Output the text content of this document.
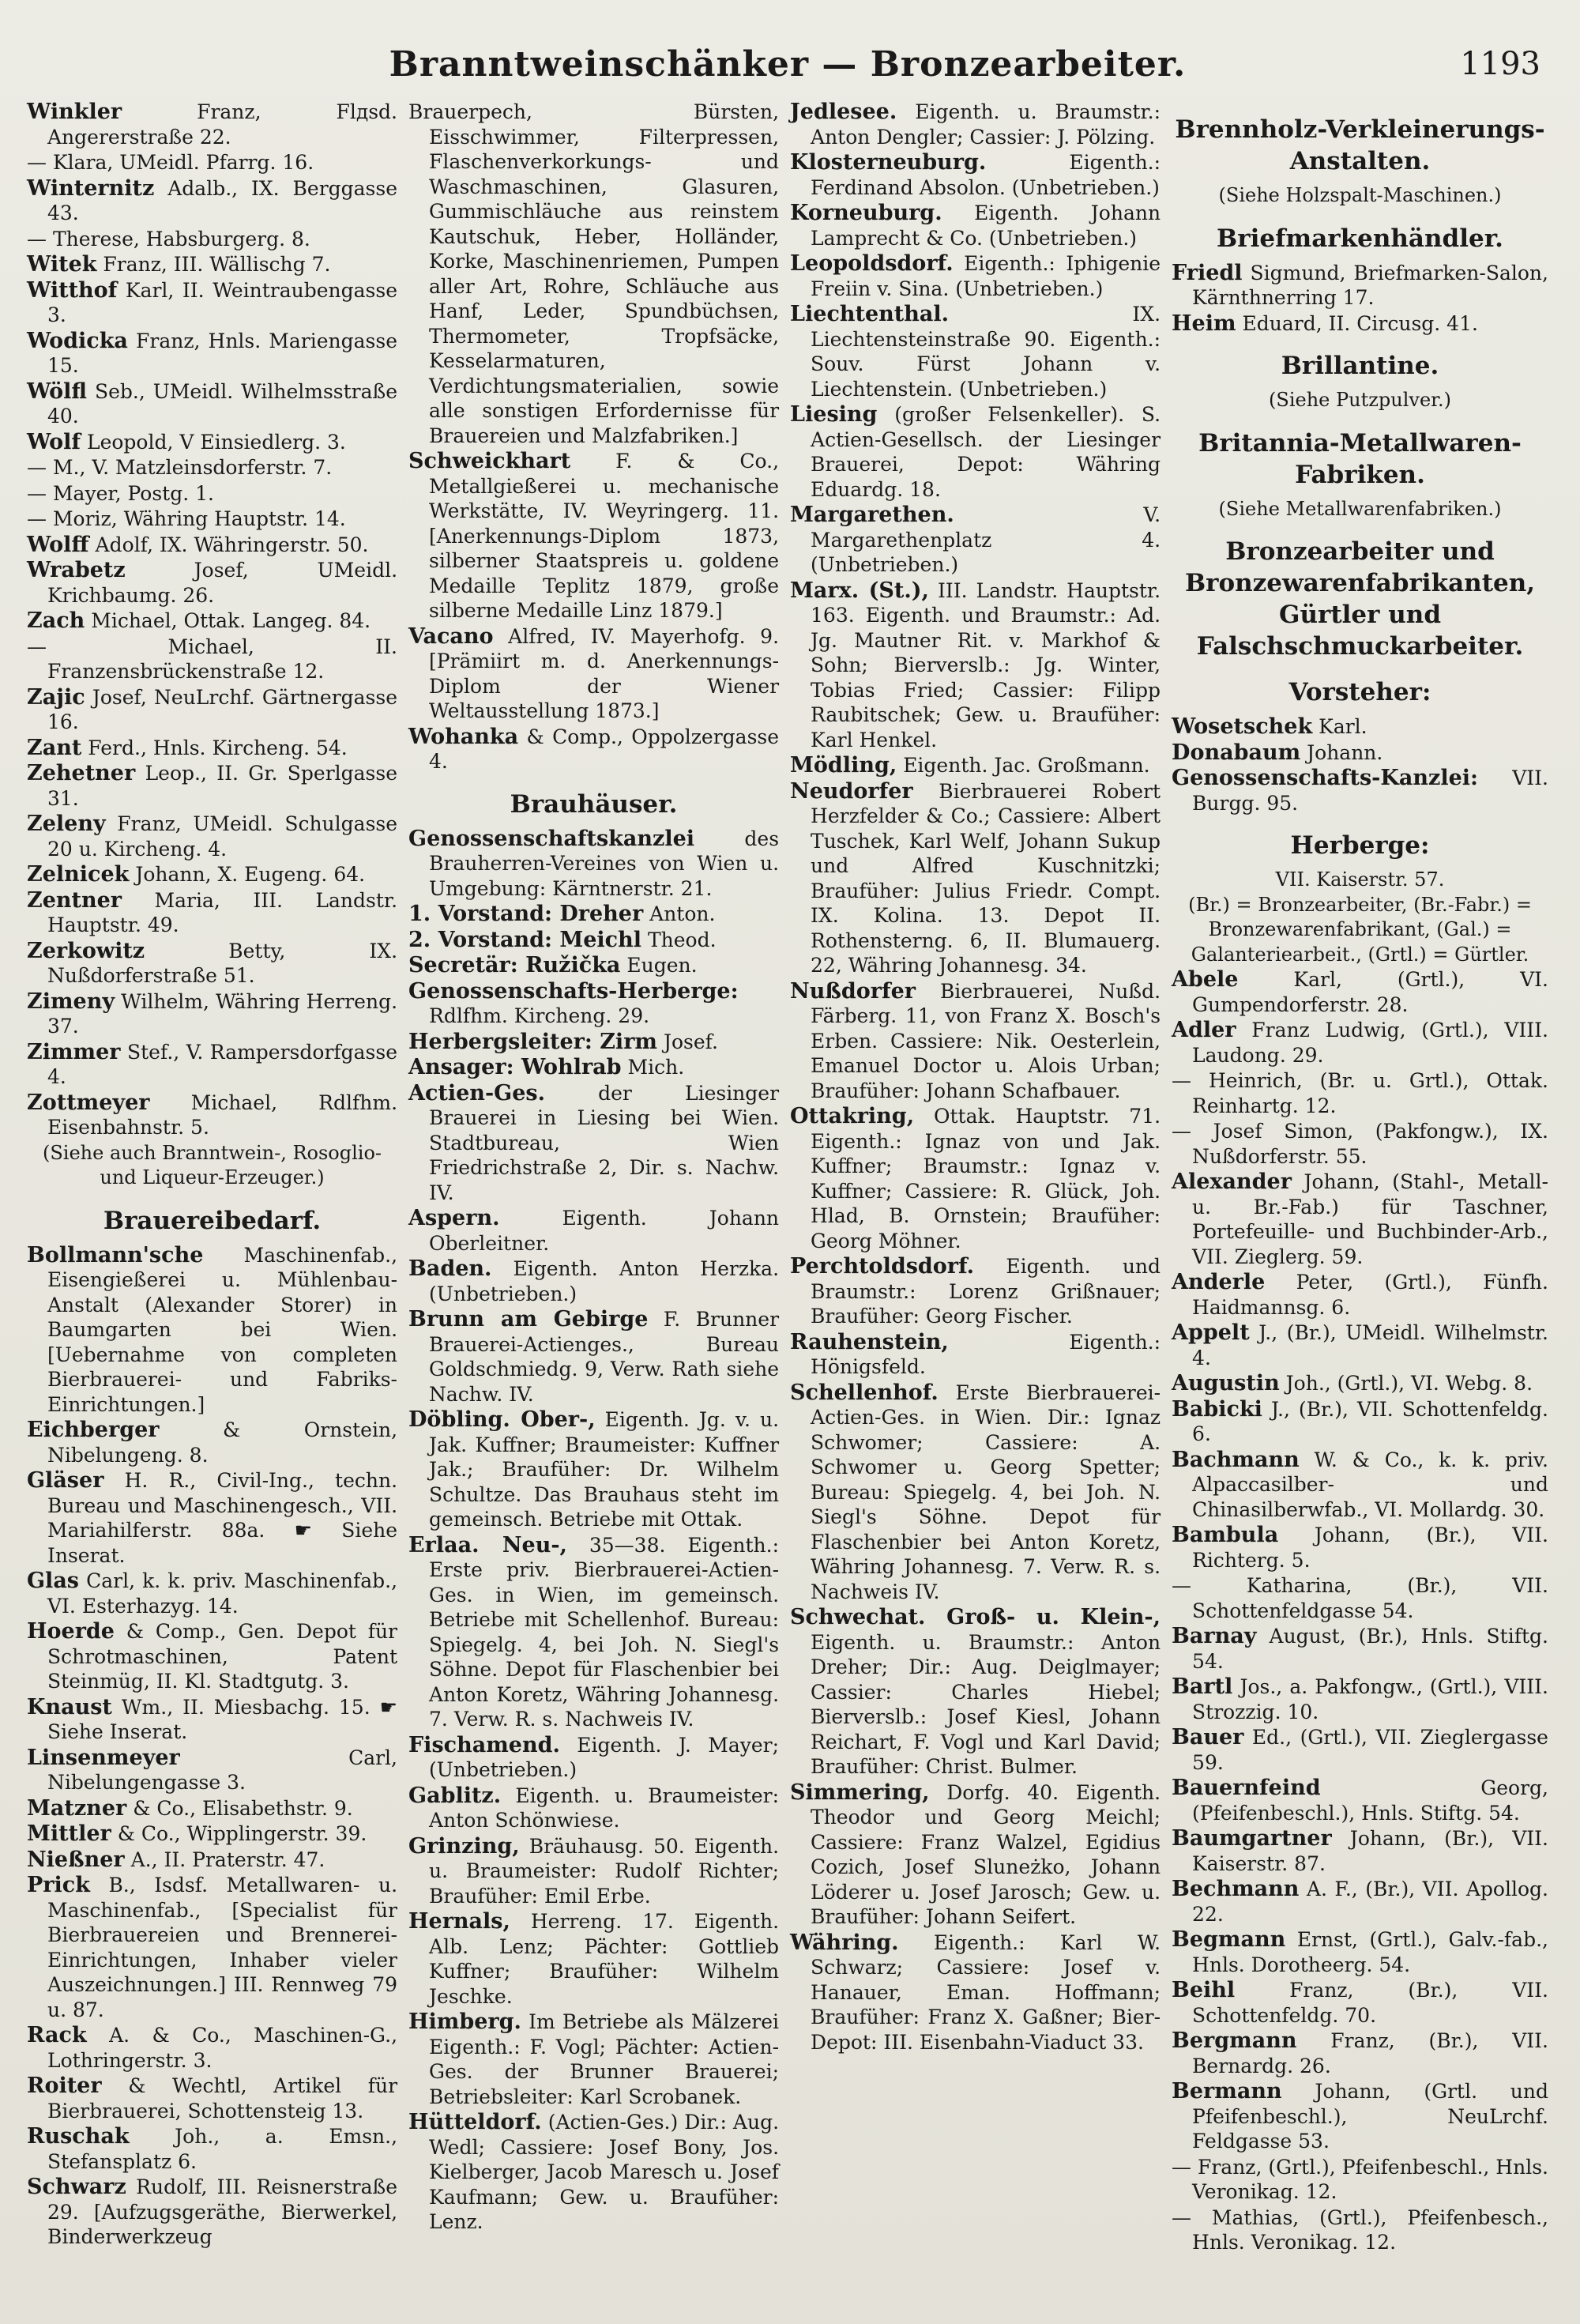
Branntweinschänker — Bronzearbeiter.	1193
Winkler	Franz, Flдsd. Angererstraße 22.
— Klara, UMeidl. Pfarrg. 16.
Winternitz Adalb., IX. Berggasse 43.
— Therese, Habsburgerg. 8.
Witek Franz, III. Wällischg 7.
Witthof Karl, II. Weintraubengasse 3.
Wodicka Franz, Hnls. Mariengasse 15.
Wölfl Seb., UMeidl. Wilhelmsstraße 40.
Wolf Leopold, V Einsiedlerg. 3.
— M., V. Matzleinsdorferstr. 7.
— Mayer, Postg. 1.
— Moriz, Währing Hauptstr. 14.
Wolff Adolf, IX. Währingerstr. 50.
Wrabetz	Josef, UMeidl. Krichbaumg. 26.
Zach Michael, Ottak. Langeg. 84.
— Michael, II. Franzensbrückenstraße 12.
Zajic Josef, NeuLrchf. Gärtnergasse 16.
Zant Ferd., Hnls. Kircheng. 54.
Zehetner Leop., II. Gr. Sperlgasse 31.
Zeleny Franz, UMeidl. Schulgasse 20 u. Kircheng. 4.
Zelnicek Johann, X. Eugeng. 64.
Zentner Maria, III. Landstr. Hauptstr. 49.
Zerkowitz	Betty, IX. Nußdorferstraße 51.
Zimeny Wilhelm, Währing Herreng. 37.
Zimmer Stef., V. Rampersdorfgasse 4.
Zottmeyer Michael, Rdlfhm. Eisenbahnstr. 5.
(Siehe auch Branntwein-, Rosoglio- und Liqueur-Erzeuger.)
Brauereibedarf.
Bollmann'sche Maschinenfab., Eisengießerei u. Mühlenbau-Anstalt (Alexander Storer) in Baumgarten bei Wien. [Uebernahme von completen Bierbrauerei- und Fabriks-Einrichtungen.]
Eichberger	& Ornstein, Nibelungeng. 8.
Gläser H. R., Civil-Ing., techn. Bureau und Maschinengesch., VII. Mariahilferstr. 88a. ☛ Siehe Inserat.
Glas Carl, k. k. priv. Maschinenfab., VI. Esterhazyg. 14.
Hoerde & Comp., Gen. Depot für Schrotmaschinen, Patent Steinmüg, II. Kl. Stadtgutg. 3.
Knaust Wm., II. Miesbachg. 15. ☛ Siehe Inserat.
Linsenmeyer	Carl, Nibelungengasse 3.
Matzner & Co., Elisabethstr. 9.
Mittler & Co., Wipplingerstr. 39.
Nießner A., II. Praterstr. 47.
Prick B., Isdsf. Metallwaren- u. Maschinenfab., [Specialist für Bierbrauereien und Brennerei-Einrichtungen, Inhaber vieler Auszeichnungen.] III. Rennweg 79 u. 87.
Rack A. & Co., Maschinen-G., Lothringerstr. 3.
Roiter & Wechtl, Artikel für Bierbrauerei, Schottensteig 13.
Ruschak Joh., a. Emsn., Stefansplatz 6.
Schwarz Rudolf, III. Reisnerstraße 29. [Aufzugsgeräthe, Bierwerkel, Binderwerkzeug
Brauerpech, Bürsten, Eisschwimmer, Filterpressen, Flaschenverkorkungs- und Waschmaschinen, Glasuren, Gummischläuche aus reinstem Kautschuk, Heber, Holländer, Korke, Maschinenriemen, Pumpen aller Art, Rohre, Schläuche aus Hanf, Leder, Spundbüchsen, Thermometer, Tropfsäcke, Kesselarmaturen, Verdichtungsmaterialien, sowie alle sonstigen Erfordernisse für Brauereien und Malzfabriken.]
Schweickhart F. & Co., Metallgießerei u. mechanische Werkstätte, IV. Weyringerg. 11. [Anerkennungs-Diplom 1873, silberner Staatspreis u. goldene Medaille Teplitz 1879, große silberne Medaille Linz 1879.]
Vacano Alfred, IV. Mayerhofg. 9. [Prämiirt m. d. Anerkennungs-Diplom der Wiener Weltausstellung 1873.]
Wohanka & Comp., Oppolzergasse 4.
Brauhäuser.
Genossenschaftskanzlei	des Brauherren-Vereines von Wien u. Umgebung: Kärntnerstr. 21.
1. Vorstand: Dreher Anton.
2. Vorstand: Meichl Theod.
Secretär: Ružička Eugen.
Genossenschafts-Herberge: Rdlfhm. Kircheng. 29.
Herbergsleiter: Zirm Josef.
Ansager: Wohlrab Mich.
Actien-Ges.	der Liesinger Brauerei in Liesing bei Wien. Stadtbureau, Wien Friedrichstraße 2, Dir. s. Nachw. IV.
Aspern.	Eigenth. Johann Oberleitner.
Baden. Eigenth. Anton Herzka. (Unbetrieben.)
Brunn am Gebirge F. Brunner Brauerei-Actienges., Bureau Goldschmiedg. 9, Verw. Rath siehe Nachw. IV.
Döbling. Ober-, Eigenth. Jg. v. u. Jak. Kuffner; Braumeister: Kuffner Jak.; Braufüher: Dr. Wilhelm Schultze. Das Brauhaus steht im gemeinsch. Betriebe mit Ottak.
Erlaa. Neu-, 35—38. Eigenth.: Erste priv. Bierbrauerei-Actien-Ges. in Wien, im gemeinsch. Betriebe mit Schellenhof. Bureau: Spiegelg. 4, bei Joh. N. Siegl's Söhne. Depot für Flaschenbier bei Anton Koretz, Währing Johannesg. 7. Verw. R. s. Nachweis IV.
Fischamend. Eigenth. J. Mayer; (Unbetrieben.)
Gablitz. Eigenth. u. Braumeister: Anton Schönwiese.
Grinzing, Bräuhausg. 50. Eigenth. u. Braumeister: Rudolf Richter; Braufüher: Emil Erbe.
Hernals, Herreng. 17. Eigenth. Alb. Lenz; Pächter: Gottlieb Kuffner; Braufüher: Wilhelm Jeschke.
Himberg. Im Betriebe als Mälzerei Eigenth.: F. Vogl; Pächter: Actien-Ges. der Brunner Brauerei; Betriebsleiter: Karl Scrobanek.
Hütteldorf. (Actien-Ges.) Dir.: Aug. Wedl; Cassiere: Josef Bony, Jos. Kielberger, Jacob Maresch u. Josef Kaufmann; Gew. u. Braufüher: Lenz.
Jedlesee. Eigenth. u. Braumstr.: Anton Dengler; Cassier: J. Pölzing.
Klosterneuburg.	Eigenth.: Ferdinand Absolon. (Unbetrieben.)
Korneuburg. Eigenth. Johann Lamprecht & Co. (Unbetrieben.)
Leopoldsdorf. Eigenth.: Iphigenie Freiin v. Sina. (Unbetrieben.)
Liechtenthal.	IX. Liechtensteinstraße 90. Eigenth.: Souv. Fürst Johann v. Liechtenstein. (Unbetrieben.)
Liesing (großer Felsenkeller). S. Actien-Gesellsch. der Liesinger Brauerei, Depot: Währing Eduardg. 18.
Margarethen.	V. Margarethenplatz 4. (Unbetrieben.)
Marx. (St.), III. Landstr. Hauptstr. 163. Eigenth. und Braumstr.: Ad. Jg. Mautner Rit. v. Markhof & Sohn; Bierverslb.: Jg. Winter, Tobias Fried; Cassier: Filipp Raubitschek; Gew. u. Braufüher: Karl Henkel.
Mödling, Eigenth. Jac. Großmann.
Neudorfer Bierbrauerei Robert Herzfelder & Co.; Cassiere: Albert Tuschek, Karl Welf, Johann Sukup und Alfred Kuschnitzki; Braufüher: Julius Friedr. Compt. IX. Kolina. 13. Depot II. Rothensterng. 6, II. Blumauerg. 22, Währing Johannesg. 34.
Nußdorfer Bierbrauerei, Nußd. Färberg. 11, von Franz X. Bosch's Erben. Cassiere: Nik. Oesterlein, Emanuel Doctor u. Alois Urban; Braufüher: Johann Schafbauer.
Ottakring, Ottak. Hauptstr. 71. Eigenth.: Ignaz von und Jak. Kuffner; Braumstr.: Ignaz v. Kuffner; Cassiere: R. Glück, Joh. Hlad, B. Ornstein; Braufüher: Georg Möhner.
Perchtoldsdorf. Eigenth. und Braumstr.: Lorenz Grißnauer; Braufüher: Georg Fischer.
Rauhenstein,	Eigenth.: Hönigsfeld.
Schellenhof. Erste Bierbrauerei-Actien-Ges. in Wien. Dir.: Ignaz Schwomer; Cassiere: A. Schwomer u. Georg Spetter; Bureau: Spiegelg. 4, bei Joh. N. Siegl's Söhne. Depot für Flaschenbier bei Anton Koretz, Währing Johannesg. 7. Verw. R. s. Nachweis IV.
Schwechat. Groß- u. Klein-, Eigenth. u. Braumstr.: Anton Dreher; Dir.: Aug. Deiglmayer; Cassier: Charles Hiebel; Bierverslb.: Josef Kiesl, Johann Reichart, F. Vogl und Karl David; Braufüher: Christ. Bulmer.
Simmering, Dorfg. 40. Eigenth. Theodor und Georg Meichl; Cassiere: Franz Walzel, Egidius Cozich, Josef Sluneżko, Johann Löderer u. Josef Jarosch; Gew. u. Braufüher: Johann Seifert.
Währing. Eigenth.: Karl W. Schwarz; Cassiere: Josef v. Hanauer, Eman. Hoffmann; Braufüher: Franz X. Gaßner; Bier-Depot: III. Eisenbahn-Viaduct 33.
Brennholz-Verkleinerungs-Anstalten.
(Siehe Holzspalt-Maschinen.)
Briefmarkenhändler.
Friedl Sigmund, Briefmarken-Salon, Kärnthnerring 17.
Heim Eduard, II. Circusg. 41.
Brillantine.
(Siehe Putzpulver.)
Britannia-Metallwaren-Fabriken.
(Siehe Metallwarenfabriken.)
Bronzearbeiter und Bronzewarenfabrikanten, Gürtler und Falschschmuckarbeiter.
Vorsteher:
Wosetschek Karl.
Donabaum Johann.
Genossenschafts-Kanzlei: VII. Burgg. 95.
Herberge:
VII. Kaiserstr. 57.
(Br.) = Bronzearbeiter, (Br.-Fabr.) = Bronzewarenfabrikant, (Gal.) = Galanteriearbeit., (Grtl.) = Gürtler.
Abele	Karl, (Grtl.), VI. Gumpendorferstr. 28.
Adler Franz Ludwig, (Grtl.), VIII. Laudong. 29.
— Heinrich, (Br. u. Grtl.), Ottak. Reinhartg. 12.
— Josef Simon, (Pakfongw.), IX. Nußdorferstr. 55.
Alexander Johann, (Stahl-, Metall- u. Br.-Fab.) für Taschner, Portefeuille- und Buchbinder-Arb., VII. Zieglerg. 59.
Anderle Peter, (Grtl.), Fünfh. Haidmannsg. 6.
Appelt J., (Br.), UMeidl. Wilhelmstr. 4.
Augustin Joh., (Grtl.), VI. Webg. 8.
Babicki J., (Br.), VII. Schottenfeldg. 6.
Bachmann W. & Co., k. k. priv. Alpaccasilber- und Chinasilberwfab., VI. Mollardg. 30.
Bambula Johann, (Br.), VII. Richterg. 5.
— Katharina, (Br.), VII. Schottenfeldgasse 54.
Barnay August, (Br.), Hnls. Stiftg. 54.
Bartl Jos., a. Pakfongw., (Grtl.), VIII. Strozzig. 10.
Bauer Ed., (Grtl.), VII. Zieglergasse 59.
Bauernfeind	Georg, (Pfeifenbeschl.), Hnls. Stiftg. 54.
Baumgartner Johann, (Br.), VII. Kaiserstr. 87.
Bechmann A. F., (Br.), VII. Apollog. 22.
Begmann Ernst, (Grtl.), Galv.-fab., Hnls. Dorotheerg. 54.
Beihl	Franz, (Br.), VII. Schottenfeldg. 70.
Bergmann Franz, (Br.), VII. Bernardg. 26.
Bermann Johann, (Grtl. und Pfeifenbeschl.), NeuLrchf. Feldgasse 53.
— Franz, (Grtl.), Pfeifenbeschl., Hnls. Veronikag. 12.
— Mathias, (Grtl.), Pfeifenbesch., Hnls. Veronikag. 12.
